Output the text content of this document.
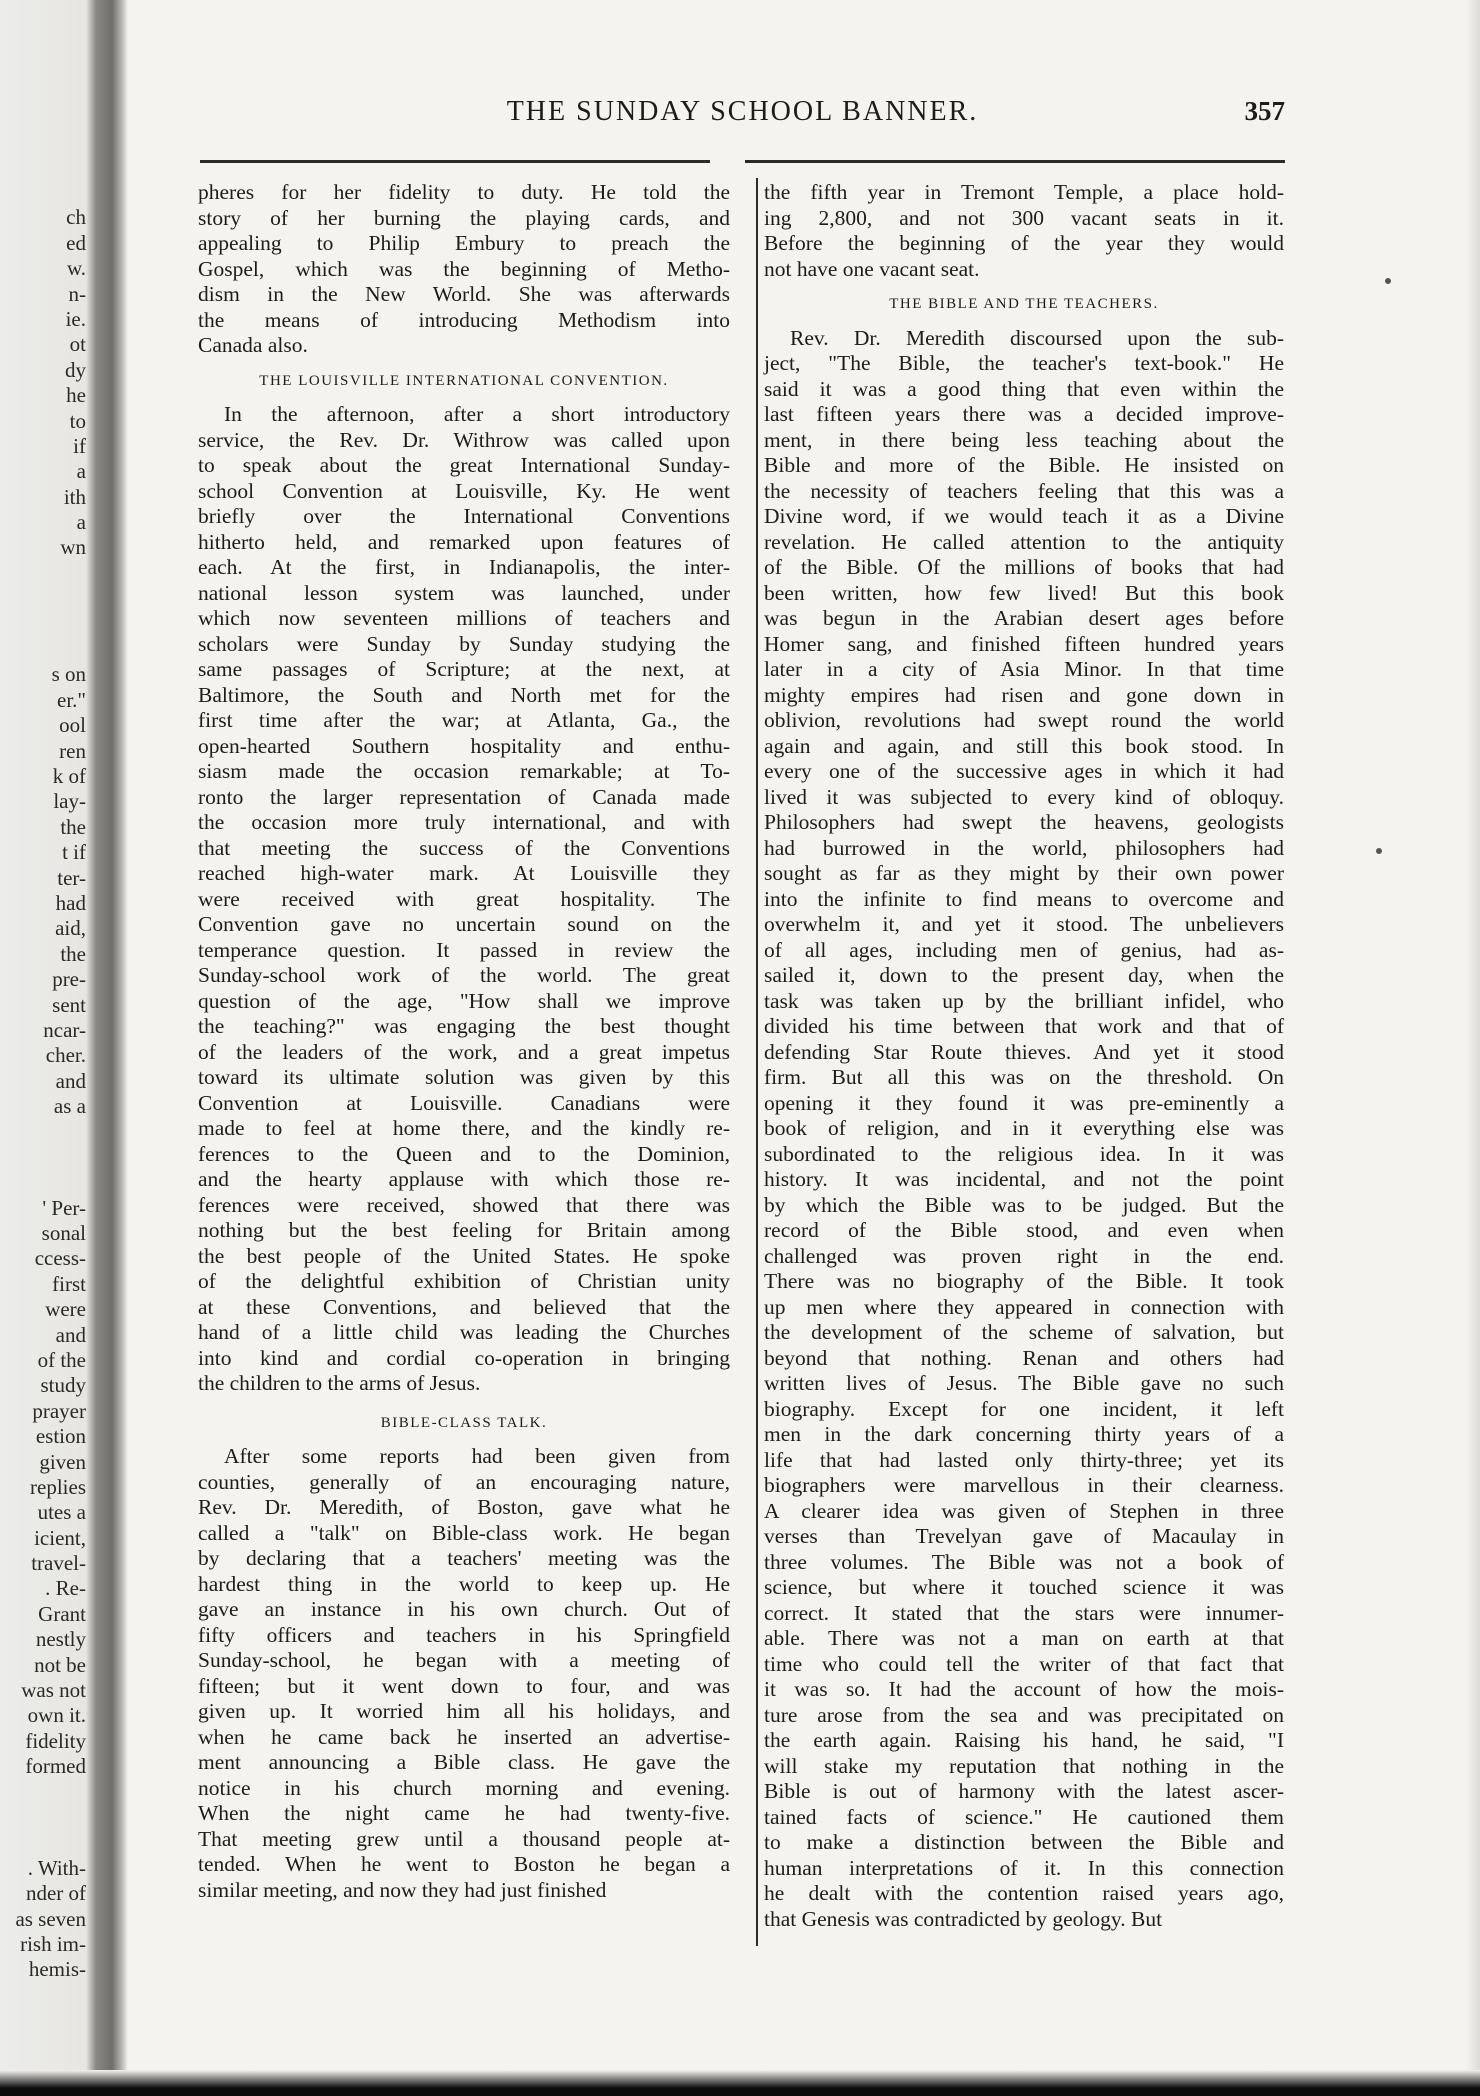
ch
ed
w.
n-
ie.
ot
dy
he
to
if
a
ith
a
wn
s on
er."
ool
ren
k of
lay-
the
t if
ter-
had
aid,
the
pre-
sent
ncar-
cher.
and
as a
' Per-
sonal
ccess-
first
were
and
of the
study
prayer
estion
given
replies
utes a
icient,
travel-
. Re-
Grant
nestly
not be
was not
own it.
fidelity
formed
. With-
nder of
as seven
rish im-
hemis-
THE SUNDAY SCHOOL BANNER.	357

pheres for her fidelity to duty. He told the
story of her burning the playing cards, and
appealing to Philip Embury to preach the
Gospel, which was the beginning of Metho-
dism in the New World. She was afterwards
the means of introducing Methodism into
Canada also.

THE LOUISVILLE INTERNATIONAL CONVENTION.

In the afternoon, after a short introductory
service, the Rev. Dr. Withrow was called upon
to speak about the great International Sunday-
school Convention at Louisville, Ky. He went
briefly over the International Conventions
hitherto held, and remarked upon features of
each. At the first, in Indianapolis, the inter-
national lesson system was launched, under
which now seventeen millions of teachers and
scholars were Sunday by Sunday studying the
same passages of Scripture; at the next, at
Baltimore, the South and North met for the
first time after the war; at Atlanta, Ga., the
open-hearted Southern hospitality and enthu-
siasm made the occasion remarkable; at To-
ronto the larger representation of Canada made
the occasion more truly international, and with
that meeting the success of the Conventions
reached high-water mark. At Louisville they
were received with great hospitality. The
Convention gave no uncertain sound on the
temperance question. It passed in review the
Sunday-school work of the world. The great
question of the age, "How shall we improve
the teaching?" was engaging the best thought
of the leaders of the work, and a great impetus
toward its ultimate solution was given by this
Convention at Louisville. Canadians were
made to feel at home there, and the kindly re-
ferences to the Queen and to the Dominion,
and the hearty applause with which those re-
ferences were received, showed that there was
nothing but the best feeling for Britain among
the best people of the United States. He spoke
of the delightful exhibition of Christian unity
at these Conventions, and believed that the
hand of a little child was leading the Churches
into kind and cordial co-operation in bringing
the children to the arms of Jesus.

BIBLE-CLASS TALK.

After some reports had been given from
counties, generally of an encouraging nature,
Rev. Dr. Meredith, of Boston, gave what he
called a "talk" on Bible-class work. He began
by declaring that a teachers' meeting was the
hardest thing in the world to keep up. He
gave an instance in his own church. Out of
fifty officers and teachers in his Springfield
Sunday-school, he began with a meeting of
fifteen; but it went down to four, and was
given up. It worried him all his holidays, and
when he came back he inserted an advertise-
ment announcing a Bible class. He gave the
notice in his church morning and evening.
When the night came he had twenty-five.
That meeting grew until a thousand people at-
tended. When he went to Boston he began a
similar meeting, and now they had just finished

the fifth year in Tremont Temple, a place hold-
ing 2,800, and not 300 vacant seats in it.
Before the beginning of the year they would
not have one vacant seat.

THE BIBLE AND THE TEACHERS.

Rev. Dr. Meredith discoursed upon the sub-
ject, "The Bible, the teacher's text-book." He
said it was a good thing that even within the
last fifteen years there was a decided improve-
ment, in there being less teaching about the
Bible and more of the Bible. He insisted on
the necessity of teachers feeling that this was a
Divine word, if we would teach it as a Divine
revelation. He called attention to the antiquity
of the Bible. Of the millions of books that had
been written, how few lived! But this book
was begun in the Arabian desert ages before
Homer sang, and finished fifteen hundred years
later in a city of Asia Minor. In that time
mighty empires had risen and gone down in
oblivion, revolutions had swept round the world
again and again, and still this book stood. In
every one of the successive ages in which it had
lived it was subjected to every kind of obloquy.
Philosophers had swept the heavens, geologists
had burrowed in the world, philosophers had
sought as far as they might by their own power
into the infinite to find means to overcome and
overwhelm it, and yet it stood. The unbelievers
of all ages, including men of genius, had as-
sailed it, down to the present day, when the
task was taken up by the brilliant infidel, who
divided his time between that work and that of
defending Star Route thieves. And yet it stood
firm. But all this was on the threshold. On
opening it they found it was pre-eminently a
book of religion, and in it everything else was
subordinated to the religious idea. In it was
history. It was incidental, and not the point
by which the Bible was to be judged. But the
record of the Bible stood, and even when
challenged was proven right in the end.
There was no biography of the Bible. It took
up men where they appeared in connection with
the development of the scheme of salvation, but
beyond that nothing. Renan and others had
written lives of Jesus. The Bible gave no such
biography. Except for one incident, it left
men in the dark concerning thirty years of a
life that had lasted only thirty-three; yet its
biographers were marvellous in their clearness.
A clearer idea was given of Stephen in three
verses than Trevelyan gave of Macaulay in
three volumes. The Bible was not a book of
science, but where it touched science it was
correct. It stated that the stars were innumer-
able. There was not a man on earth at that
time who could tell the writer of that fact that
it was so. It had the account of how the mois-
ture arose from the sea and was precipitated on
the earth again. Raising his hand, he said, "I
will stake my reputation that nothing in the
Bible is out of harmony with the latest ascer-
tained facts of science." He cautioned them
to make a distinction between the Bible and
human interpretations of it. In this connection
he dealt with the contention raised years ago,
that Genesis was contradicted by geology. But
